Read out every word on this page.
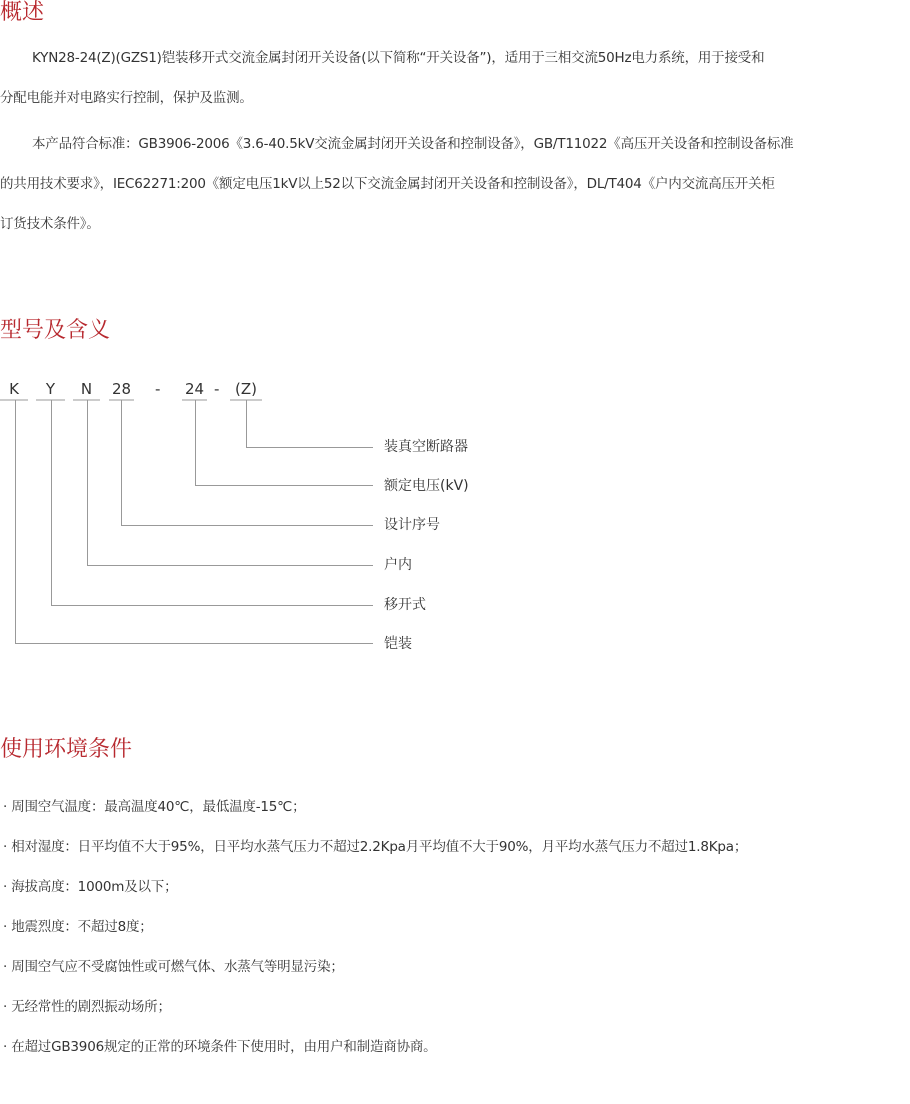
概述
KYN28-24(Z)(GZS1)铠装移开式交流金属封闭开关设备(以下简称“开关设备”)，适用于三相交流50Hz电力系统，用于接受和
分配电能并对电路实行控制，保护及监测。
本产品符合标准：GB3906-2006《3.6-40.5kV交流金属封闭开关设备和控制设备》，GB/T11022《高压开关设备和控制设备标准
的共用技术要求》，IEC62271:200《额定电压1kV以上52以下交流金属封闭开关设备和控制设备》，DL/T404《户内交流高压开关柜
订货技术条件》。
型号及含义
K	Y	N	28 - 24 -	(Z)
装真空断路器
额定电压(kV)
设计序号
户内
移开式
铠装
使用环境条件

· 周围空气温度：最高温度40℃，最低温度-15℃；

· 相对湿度：日平均值不大于95%，日平均水蒸气压力不超过2.2Kpa月平均值不大于90%，月平均水蒸气压力不超过1.8Kpa；

· 海拔高度：1000m及以下；

· 地震烈度：不超过8度；

· 周围空气应不受腐蚀性或可燃气体、水蒸气等明显污染；

· 无经常性的剧烈振动场所；

· 在超过GB3906规定的正常的环境条件下使用时，由用户和制造商协商。
